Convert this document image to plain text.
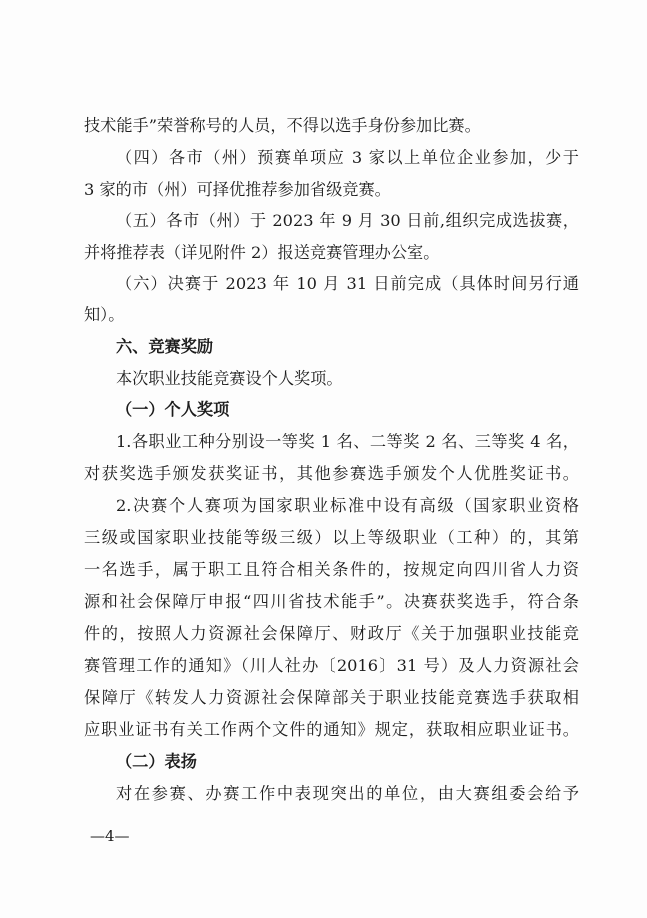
技术能手”荣誉称号的人员，不得以选手身份参加比赛。
（四）各市（州）预赛单项应 3 家以上单位企业参加，少于
3 家的市（州）可择优推荐参加省级竞赛。
（五）各市（州）于 2023 年 9 月 30 日前,组织完成选拔赛，
并将推荐表（详见附件 2）报送竞赛管理办公室。
（六）决赛于 2023 年 10 月 31 日前完成（具体时间另行通
知）。
六、竞赛奖励
本次职业技能竞赛设个人奖项。
（一）个人奖项
1.各职业工种分别设一等奖 1 名、二等奖 2 名、三等奖 4 名，
对获奖选手颁发获奖证书，其他参赛选手颁发个人优胜奖证书。
2.决赛个人赛项为国家职业标准中设有高级（国家职业资格
三级或国家职业技能等级三级）以上等级职业（工种）的，其第
一名选手，属于职工且符合相关条件的，按规定向四川省人力资
源和社会保障厅申报“四川省技术能手”。决赛获奖选手，符合条
件的，按照人力资源社会保障厅、财政厅《关于加强职业技能竞
赛管理工作的通知》（川人社办〔2016〕31 号）及人力资源社会
保障厅《转发人力资源社会保障部关于职业技能竞赛选手获取相
应职业证书有关工作两个文件的通知》规定，获取相应职业证书。
（二）表扬
对在参赛、办赛工作中表现突出的单位，由大赛组委会给予
—4—
